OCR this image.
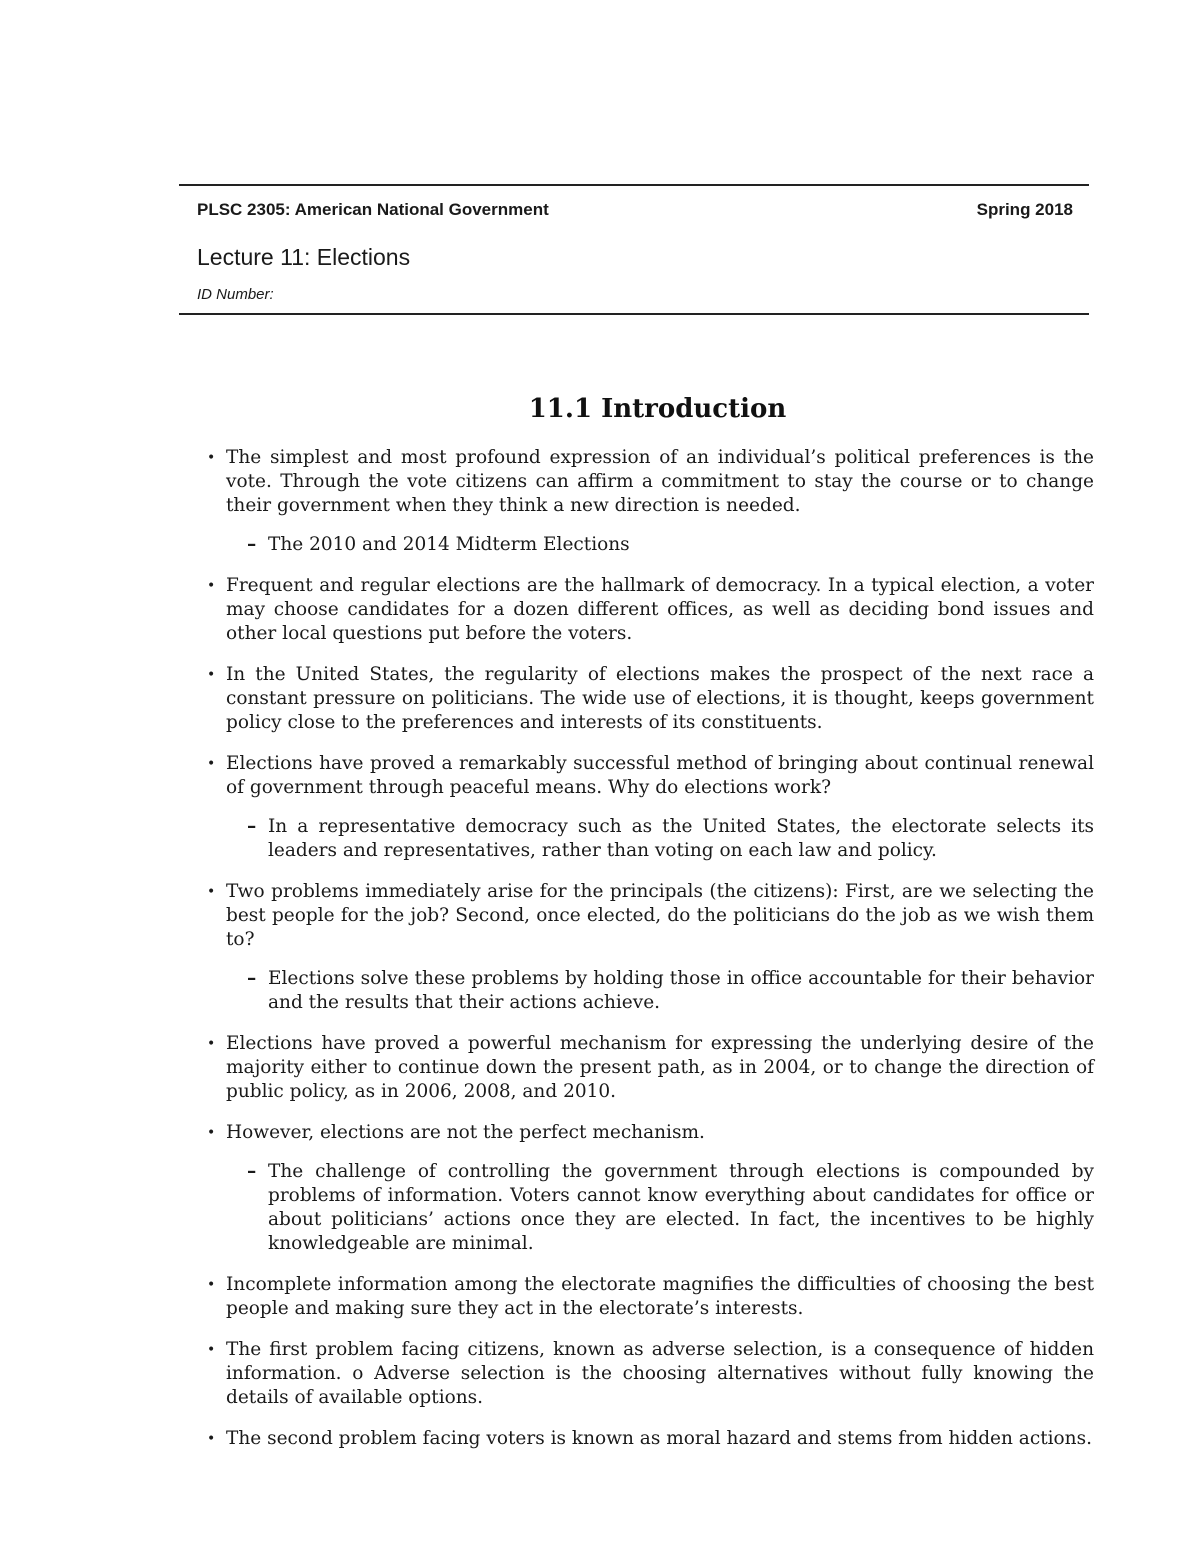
PLSC 2305: American National Government	Spring 2018
Lecture 11: Elections
ID Number:
11.1 Introduction
• The simplest and most profound expression of an individual’s political preferences is the vote. Through the vote citizens can affirm a commitment to stay the course or to change their government when they think a new direction is needed.
– The 2010 and 2014 Midterm Elections
• Frequent and regular elections are the hallmark of democracy. In a typical election, a voter may choose candidates for a dozen different offices, as well as deciding bond issues and other local questions put before the voters.
• In the United States, the regularity of elections makes the prospect of the next race a constant pressure on politicians. The wide use of elections, it is thought, keeps government policy close to the preferences and interests of its constituents.
• Elections have proved a remarkably successful method of bringing about continual renewal of government through peaceful means. Why do elections work?
– In a representative democracy such as the United States, the electorate selects its leaders and representatives, rather than voting on each law and policy.
• Two problems immediately arise for the principals (the citizens): First, are we selecting the best people for the job? Second, once elected, do the politicians do the job as we wish them to?
– Elections solve these problems by holding those in office accountable for their behavior and the results that their actions achieve.
• Elections have proved a powerful mechanism for expressing the underlying desire of the majority either to continue down the present path, as in 2004, or to change the direction of public policy, as in 2006, 2008, and 2010.
• However, elections are not the perfect mechanism.
– The challenge of controlling the government through elections is compounded by problems of information. Voters cannot know everything about candidates for office or about politicians’ actions once they are elected. In fact, the incentives to be highly knowledgeable are minimal.
• Incomplete information among the electorate magnifies the difficulties of choosing the best people and making sure they act in the electorate’s interests.
• The first problem facing citizens, known as adverse selection, is a consequence of hidden information. o Adverse selection is the choosing alternatives without fully knowing the details of available options.
• The second problem facing voters is known as moral hazard and stems from hidden actions.
